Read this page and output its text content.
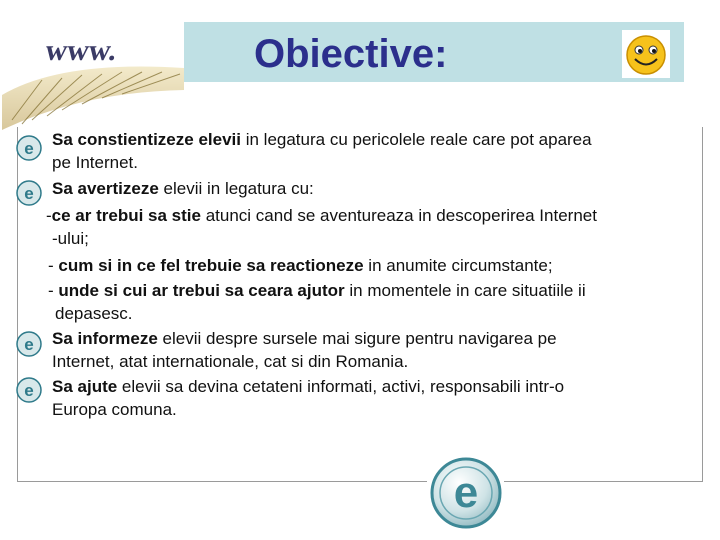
www.	Obiective:
e
e
e
e
Sa constientizeze elevii in legatura cu pericolele reale care pot aparea
pe Internet.
Sa avertizeze elevii in legatura cu:
-ce ar trebui sa stie atunci cand se aventureaza in descoperirea Internet
-ului;
- cum si in ce fel trebuie sa reactioneze in anumite circumstante;
- unde si cui ar trebui sa ceara ajutor in momentele in care situatiile ii
depasesc.
Sa informeze elevii despre sursele mai sigure pentru navigarea pe
Internet, atat internationale, cat si din Romania.
Sa ajute elevii sa devina cetateni informati, activi, responsabili intr-o
Europa comuna.
e
